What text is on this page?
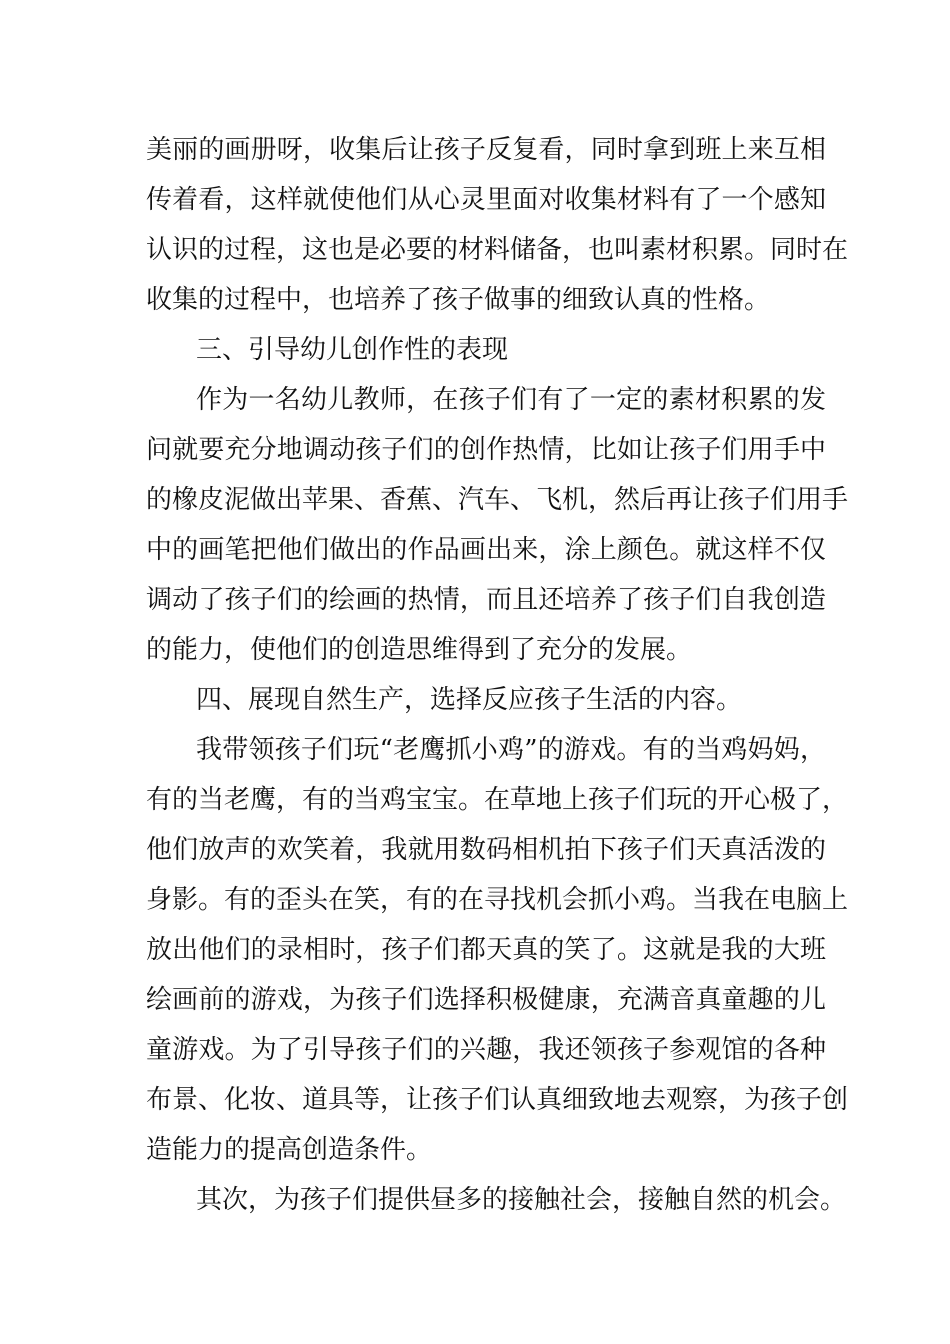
美丽的画册呀，收集后让孩子反复看，同时拿到班上来互相
传着看，这样就使他们从心灵里面对收集材料有了一个感知
认识的过程，这也是必要的材料储备，也叫素材积累。同时在
收集的过程中，也培养了孩子做事的细致认真的性格。
三、引导幼儿创作性的表现
作为一名幼儿教师，在孩子们有了一定的素材积累的发
问就要充分地调动孩子们的创作热情，比如让孩子们用手中
的橡皮泥做出苹果、香蕉、汽车、飞机，然后再让孩子们用手
中的画笔把他们做出的作品画出来，涂上颜色。就这样不仅
调动了孩子们的绘画的热情，而且还培养了孩子们自我创造
的能力，使他们的创造思维得到了充分的发展。
四、展现自然生产，选择反应孩子生活的内容。
我带领孩子们玩“老鹰抓小鸡”的游戏。有的当鸡妈妈，
有的当老鹰，有的当鸡宝宝。在草地上孩子们玩的开心极了，
他们放声的欢笑着，我就用数码相机拍下孩子们天真活泼的
身影。有的歪头在笑，有的在寻找机会抓小鸡。当我在电脑上
放出他们的录相时，孩子们都天真的笑了。这就是我的大班
绘画前的游戏，为孩子们选择积极健康，充满音真童趣的儿
童游戏。为了引导孩子们的兴趣，我还领孩子参观馆的各种
布景、化妆、道具等，让孩子们认真细致地去观察，为孩子创
造能力的提高创造条件。
其次，为孩子们提供昼多的接触社会，接触自然的机会。
